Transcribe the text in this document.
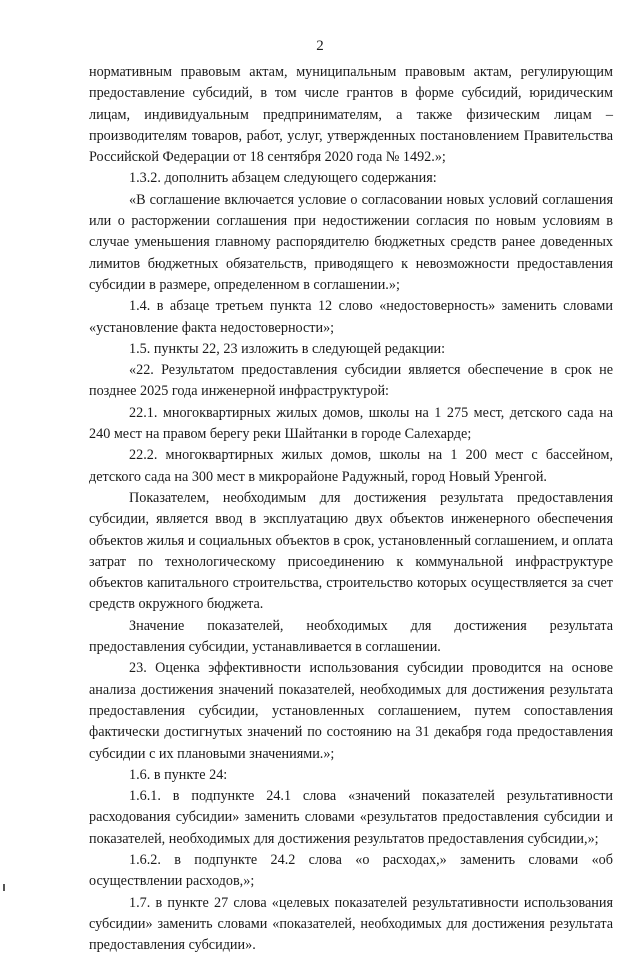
2

нормативным правовым актам, муниципальным правовым актам, регулирующим предоставление субсидий, в том числе грантов в форме субсидий, юридическим лицам, индивидуальным предпринимателям, а также физическим лицам – производителям товаров, работ, услуг, утвержденных постановлением Правительства Российской Федерации от 18 сентября 2020 года № 1492.»;

1.3.2. дополнить абзацем следующего содержания:

«В соглашение включается условие о согласовании новых условий соглашения или о расторжении соглашения при недостижении согласия по новым условиям в случае уменьшения главному распорядителю бюджетных средств ранее доведенных лимитов бюджетных обязательств, приводящего к невозможности предоставления субсидии в размере, определенном в соглашении.»;

1.4. в абзаце третьем пункта 12 слово «недостоверность» заменить словами «установление факта недостоверности»;

1.5. пункты 22, 23 изложить в следующей редакции:

«22. Результатом предоставления субсидии является обеспечение в срок не позднее 2025 года инженерной инфраструктурой:

22.1. многоквартирных жилых домов, школы на 1 275 мест, детского сада на 240 мест на правом берегу реки Шайтанки в городе Салехарде;

22.2. многоквартирных жилых домов, школы на 1 200 мест с бассейном, детского сада на 300 мест в микрорайоне Радужный, город Новый Уренгой.

Показателем, необходимым для достижения результата предоставления субсидии, является ввод в эксплуатацию двух объектов инженерного обеспечения объектов жилья и социальных объектов в срок, установленный соглашением, и оплата затрат по технологическому присоединению к коммунальной инфраструктуре объектов капитального строительства, строительство которых осуществляется за счет средств окружного бюджета.

Значение показателей, необходимых для достижения результата предоставления субсидии, устанавливается в соглашении.

23. Оценка эффективности использования субсидии проводится на основе анализа достижения значений показателей, необходимых для достижения результата предоставления субсидии, установленных соглашением, путем сопоставления фактически достигнутых значений по состоянию на 31 декабря года предоставления субсидии с их плановыми значениями.»;

1.6. в пункте 24:

1.6.1. в подпункте 24.1 слова «значений показателей результативности расходования субсидии» заменить словами «результатов предоставления субсидии и показателей, необходимых для достижения результатов предоставления субсидии,»;

1.6.2. в подпункте 24.2 слова «о расходах,» заменить словами «об осуществлении расходов,»;

1.7. в пункте 27 слова «целевых показателей результативности использования субсидии» заменить словами «показателей, необходимых для достижения результата предоставления субсидии».
